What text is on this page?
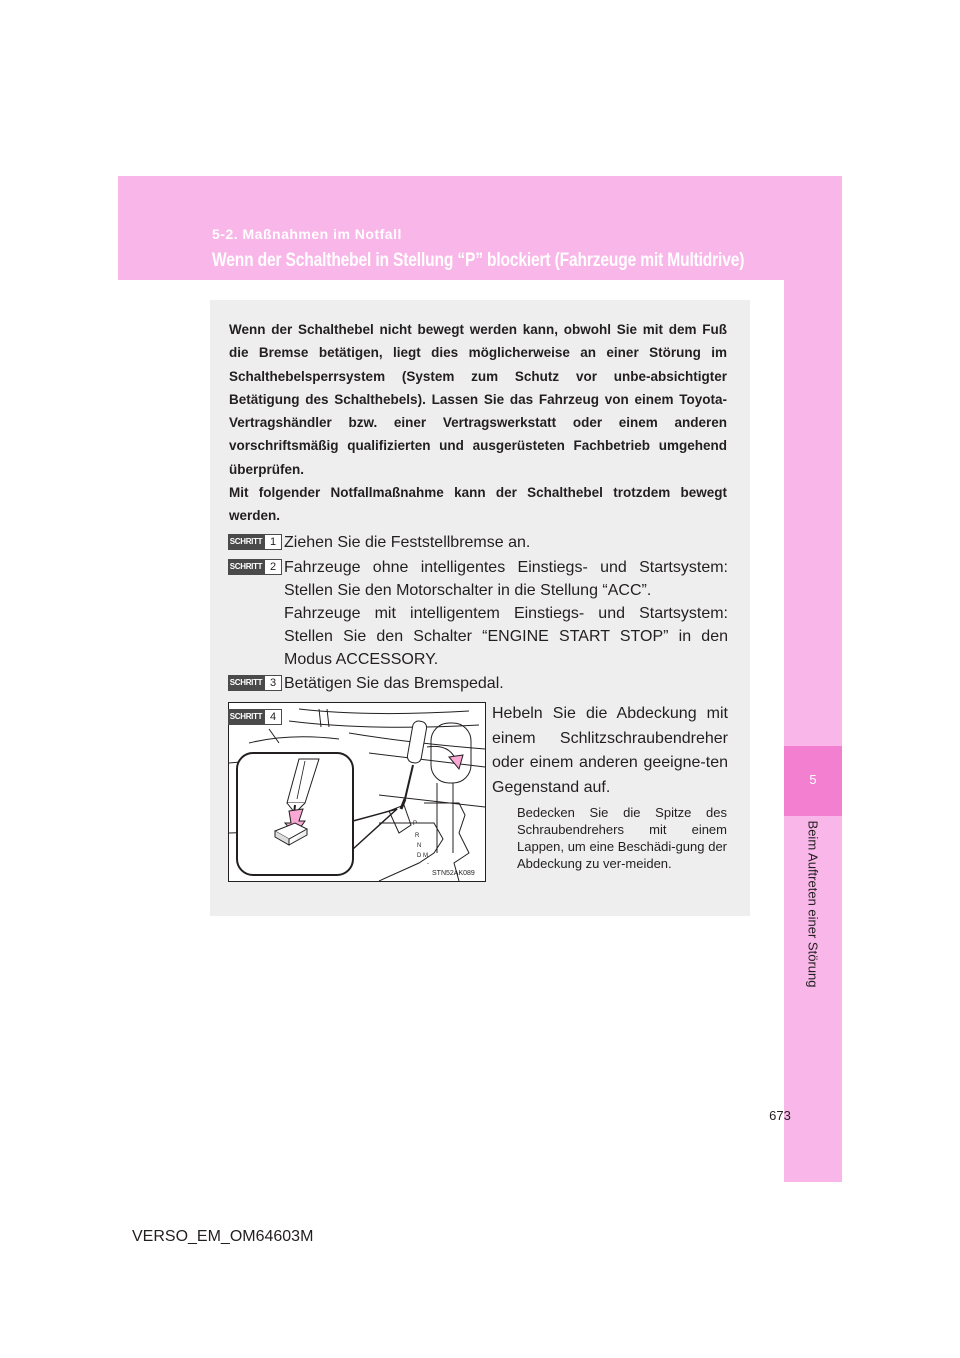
5-2. Maßnahmen im Notfall
Wenn der Schalthebel in Stellung “P” blockiert (Fahrzeuge mit Multidrive)
5
Beim Auftreten einer Störung

Wenn der Schalthebel nicht bewegt werden kann, obwohl Sie mit dem Fuß die Bremse betätigen, liegt dies möglicherweise an einer Störung im Schalthebelsperrsystem (System zum Schutz vor unbe-absichtigter Betätigung des Schalthebels). Lassen Sie das Fahrzeug von einem Toyota-Vertragshändler bzw. einer Vertragswerkstatt oder einem anderen vorschriftsmäßig qualifizierten und ausgerüsteten Fachbetrieb umgehend überprüfen.

Mit folgender Notfallmaßnahme kann der Schalthebel trotzdem bewegt werden.

SCHRITT 1 Ziehen Sie die Feststellbremse an.

SCHRITT 2 Fahrzeuge ohne intelligentes Einstiegs- und Startsystem: Stellen Sie den Motorschalter in die Stellung “ACC”.

Fahrzeuge mit intelligentem Einstiegs- und Startsystem: Stellen Sie den Schalter “ENGINE START STOP” in den Modus ACCESSORY.

SCHRITT 3 Betätigen Sie das Bremspedal.

P
R
N
D M
-
STN52AK089
SCHRITT 4	Hebeln Sie die Abdeckung mit einem Schlitzschraubendreher oder einem anderen geeigne-ten Gegenstand auf.
Bedecken Sie die Spitze des Schraubendrehers mit einem Lappen, um eine Beschädi-gung der Abdeckung zu ver-meiden.
673
VERSO_EM_OM64603M
